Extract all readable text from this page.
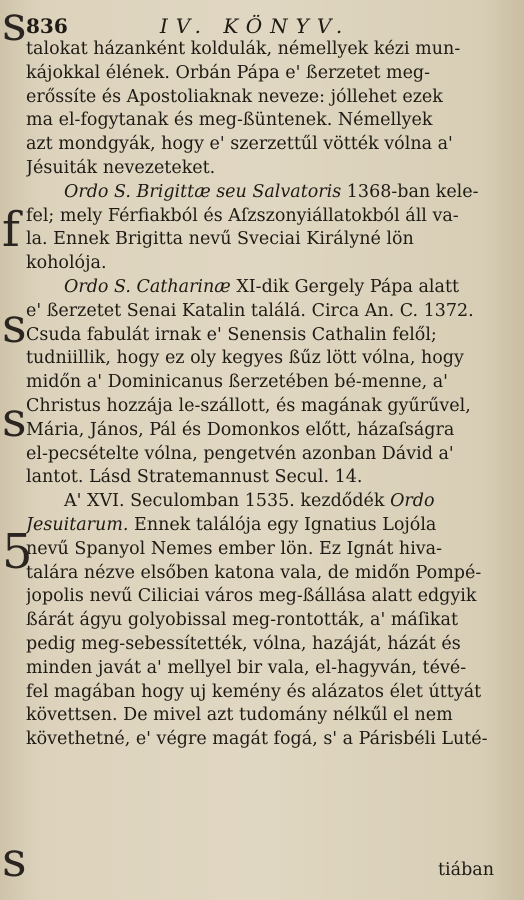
s
f
s
s
5
s
836	IV. KÖNYV.
talokat házanként koldulák, némellyek kézi mun-
kájokkal élének. Orbán Pápa e' ßerzetet meg-
erőssíte és Apostoliaknak neveze: jóllehet ezek
ma el-fogytanak és meg-ßüntenek. Némellyek
azt mondgyák, hogy e' szerzettűl vötték vólna a'
Jésuiták nevezeteket.
Ordo S. Brigittæ seu Salvatoris 1368-ban kele-
fel; mely Férfiakból és Aſzszonyiállatokból áll va-
la. Ennek Brigitta nevű Sveciai Királyné lön
koholója.
Ordo S. Catharinæ XI-dik Gergely Pápa alatt
e' ßerzetet Senai Katalin találá. Circa An. C. 1372.
Csuda fabulát irnak e' Senensis Cathalin felől;
tudniillik, hogy ez oly kegyes ßűz lött vólna, hogy
midőn a' Dominicanus ßerzetében bé-menne, a'
Christus hozzája le-szállott, és magának gyűrűvel,
Mária, János, Pál és Domonkos előtt, házaſságra
el-pecsételte vólna, pengetvén azonban Dávid a'
lantot. Lásd Stratemannust Secul. 14.
A' XVI. Seculomban 1535. kezdődék Ordo
Jesuitarum. Ennek találója egy Ignatius Lojóla
nevű Spanyol Nemes ember lön. Ez Ignát hiva-
talára nézve elsőben katona vala, de midőn Pompé-
jopolis nevű Ciliciai város meg-ßállása alatt edgyik
ßárát ágyu golyobissal meg-rontották, a' máſikat
pedig meg-sebessítették, vólna, hazáját, házát és
minden javát a' mellyel bir vala, el-hagyván, tévé-
fel magában hogy uj kemény és alázatos élet úttyát
követtsen. De mivel azt tudomány nélkűl el nem
követhetné, e' végre magát fogá, s' a Párisbéli Luté-
tiában
